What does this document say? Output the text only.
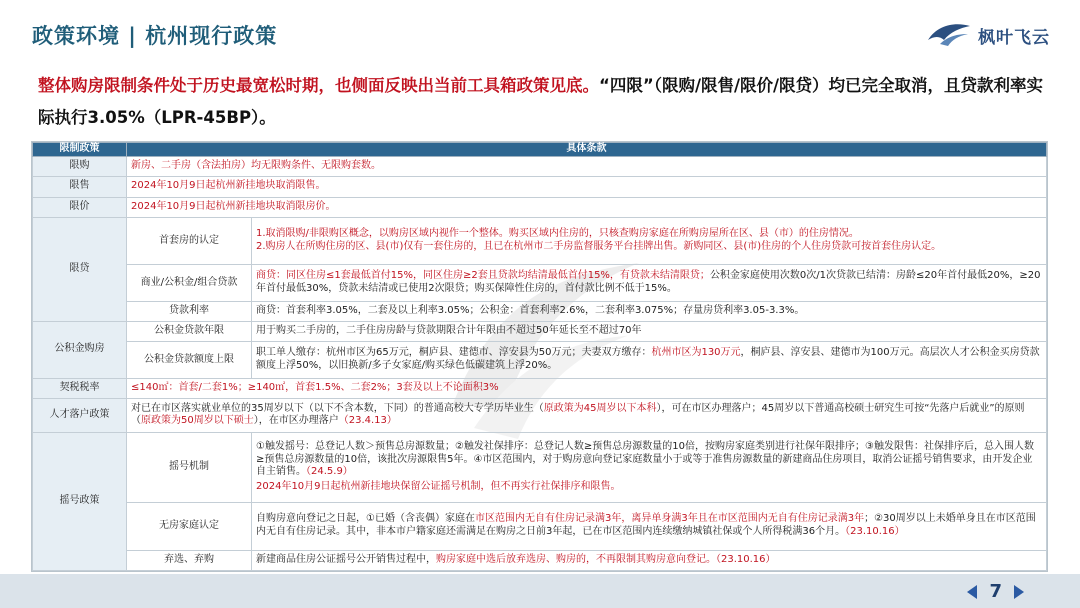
政策环境 | 杭州现行政策	枫叶飞云
整体购房限制条件处于历史最宽松时期，也侧面反映出当前工具箱政策见底。“四限”（限购/限售/限价/限贷）均已完全取消，且贷款利率实际执行3.05%（LPR-45BP）。
限制政策	具体条款	
限购	新房、二手房（含法拍房）均无限购条件、无限购套数。	
限售	2024年10月9日起杭州新挂地块取消限售。	
限价	2024年10月9日起杭州新挂地块取消限房价。	
限贷	首套房的认定	1.取消限购/非限购区概念，以购房区域内视作一个整体。购买区域内住房的，只核查购房家庭在所购房屋所在区、县（市）的住房情况。
2.购房人在所购住房的区、县(市)仅有一套住房的，且已在杭州市二手房监督服务平台挂牌出售。新购同区、县(市)住房的个人住房贷款可按首套住房认定。

	商业/公积金/组合贷款	商贷：同区住房≤1套最低首付15%，同区住房≥2套且贷款均结清最低首付15%，有贷款未结清限贷；公积金家庭使用次数0次/1次贷款已结清：房龄≤20年首付最低20%，≥20年首付最低30%，贷款未结清或已使用2次限贷；购买保障性住房的，首付款比例不低于15%。
	贷款利率	商贷：首套利率3.05%，二套及以上利率3.05%；公积金：首套利率2.6%，二套利率3.075%；存量房贷利率3.05-3.3%。
公积金购房	公积金贷款年限	用于购买二手房的，二手住房房龄与贷款期限合计年限由不超过50年延长至不超过70年
	公积金贷款额度上限	职工单人缴存：杭州市区为65万元，桐庐县、建德市、淳安县为50万元；夫妻双方缴存：杭州市区为130万元，桐庐县、淳安县、建德市为100万元。高层次人才公积金买房贷款额度上浮50%，以旧换新/多子女家庭/购买绿色低碳建筑上浮20%。
契税税率	≤140㎡：首套/二套1%；≥140㎡，首套1.5%、二套2%；3套及以上不论面积3%	
人才落户政策	对已在市区落实就业单位的35周岁以下（以下不含本数，下同）的普通高校大专学历毕业生（原政策为45周岁以下本科），可在市区办理落户；45周岁以下普通高校硕士研究生可按“先落户后就业”的原则（原政策为50周岁以下硕士），在市区办理落户（23.4.13）	
摇号政策	摇号机制	①触发摇号：总登记人数＞预售总房源数量；②触发社保排序：总登记人数≥预售总房源数量的10倍，按购房家庭类别进行社保年限排序；③触发限售：社保排序后，总入围人数≥预售总房源数量的10倍，该批次房源限售5年。④市区范围内，对于购房意向登记家庭数量小于或等于准售房源数量的新建商品住房项目，取消公证摇号销售要求，由开发企业自主销售。（24.5.9）
2024年10月9日起杭州新挂地块保留公证摇号机制，但不再实行社保排序和限售。

	无房家庭认定	自购房意向登记之日起，①已婚（含丧偶）家庭在市区范围内无自有住房记录满3年，离异单身满3年且在市区范围内无自有住房记录满3年；②30周岁以上未婚单身且在市区范围内无自有住房记录。其中，非本市户籍家庭还需满足在购房之日前3年起，已在市区范围内连续缴纳城镇社保或个人所得税满36个月。（23.10.16）
	弃选、弃购	新建商品住房公证摇号公开销售过程中，购房家庭中选后放弃选房、购房的，不再限制其购房意向登记。（23.10.16）
7
